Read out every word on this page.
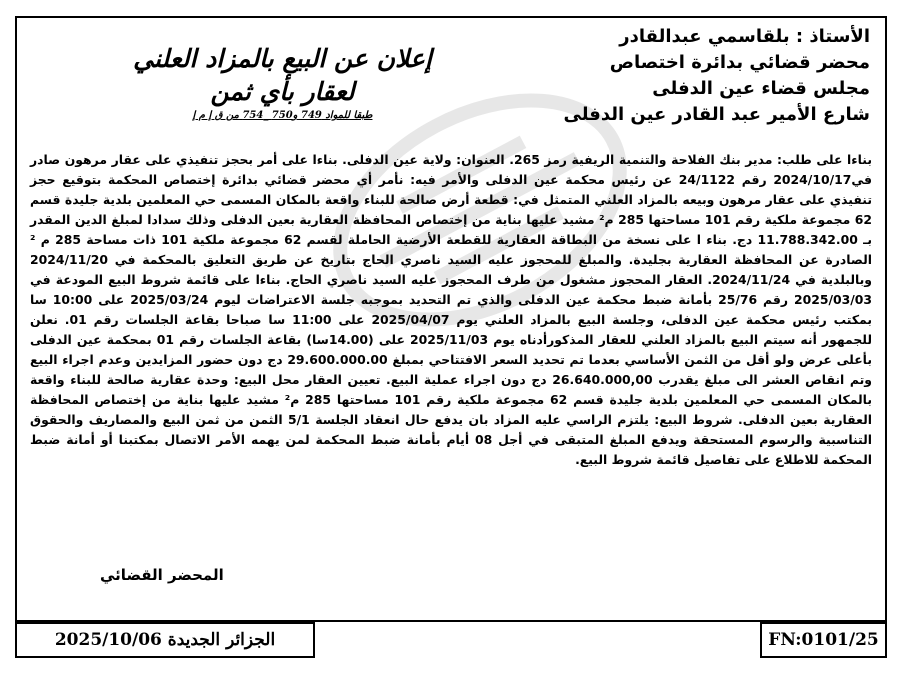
الأستاذ : بلقاسمي عبدالقادر
محضر قضائي بدائرة اختصاص
مجلس قضاء عين الدفلى
شارع الأمير عبد القادر عين الدفلى
إعلان عن البيع بالمزاد العلني
لعقار بأي ثمن
طبقا للمواد 749 و750 _754 من ق إ م إ

بناءا على طلب: مدير بنك الفلاحة والتنمية الريفية رمز 265. العنوان: ولاية عين الدفلى. بناءا على أمر بحجز تنفيذي على عقار مرهون صادر في2024/10/17 رقم 24/1122 عن رئيس محكمة عين الدفلى والأمر فيه: نأمر أي محضر قضائي بدائرة إختصاص المحكمة بتوقيع حجز تنفيذي على عقار مرهون وبيعه بالمزاد العلني المتمثل في: قطعة أرض صالحة للبناء واقعة بالمكان المسمى حي المعلمين بلدية جليدة قسم 62 مجموعة ملكية رقم 101 مساحتها 285 م² مشيد عليها بناية من إختصاص المحافظة العقارية بعين الدفلى وذلك سدادا لمبلغ الدين المقدر بـ 11.788.342.00 دج. بناء ا على نسخة من البطاقة العقارية للقطعة الأرضية الحاملة لقسم 62 مجموعة ملكية 101 ذات مساحة 285 م ² الصادرة عن المحافظة العقارية بجليدة. والمبلغ للمحجوز عليه السيد ناصري الحاج بتاريخ عن طريق التعليق بالمحكمة في 2024/11/20 وبالبلدية في 2024/11/24. العقار المحجوز مشغول من طرف المحجوز عليه السيد ناصري الحاج. بناءا على قائمة شروط البيع المودعة في 2025/03/03 رقم 25/76 بأمانة ضبط محكمة عين الدفلى والذي تم التحديد بموجبه جلسة الاعتراضات ليوم 2025/03/24 على 10:00 سا بمكتب رئيس محكمة عين الدفلى، وجلسة البيع بالمزاد العلني يوم 2025/04/07 على 11:00 سا صباحا بقاعة الجلسات رقم 01. نعلن للجمهور أنه سيتم البيع بالمزاد العلني للعقار المذكورأدناه يوم 2025/11/03 على (14.00سا) بقاعة الجلسات رقم 01 بمحكمة عين الدفلى بأعلى عرض ولو أقل من الثمن الأساسي بعدما تم تحديد السعر الافتتاحي بمبلغ 29.600.000.00 دج دون حضور المزايدين وعدم اجراء البيع وتم انقاص العشر الى مبلغ يقدرب 26.640.000,00 دج دون اجراء عملية البيع. تعيين العقار محل البيع: وحدة عقارية صالحة للبناء واقعة بالمكان المسمى حي المعلمين بلدية جليدة قسم 62 مجموعة ملكية رقم 101 مساحتها 285 م² مشيد عليها بناية من إختصاص المحافظة العقارية بعين الدفلى. شروط البيع: يلتزم الراسي عليه المزاد بان يدفع حال انعقاد الجلسة 5/1 الثمن من ثمن البيع والمصاريف والحقوق التناسبية والرسوم المستحقة ويدفع المبلغ المتبقى في أجل 08 أيام بأمانة ضبط المحكمة لمن يهمه الأمر الاتصال بمكتبنا أو أمانة ضبط المحكمة للاطلاع على تفاصيل قائمة شروط البيع.

المحضر القضائي
الجزائر الجديدة 2025/10/06	FN:0101/25
